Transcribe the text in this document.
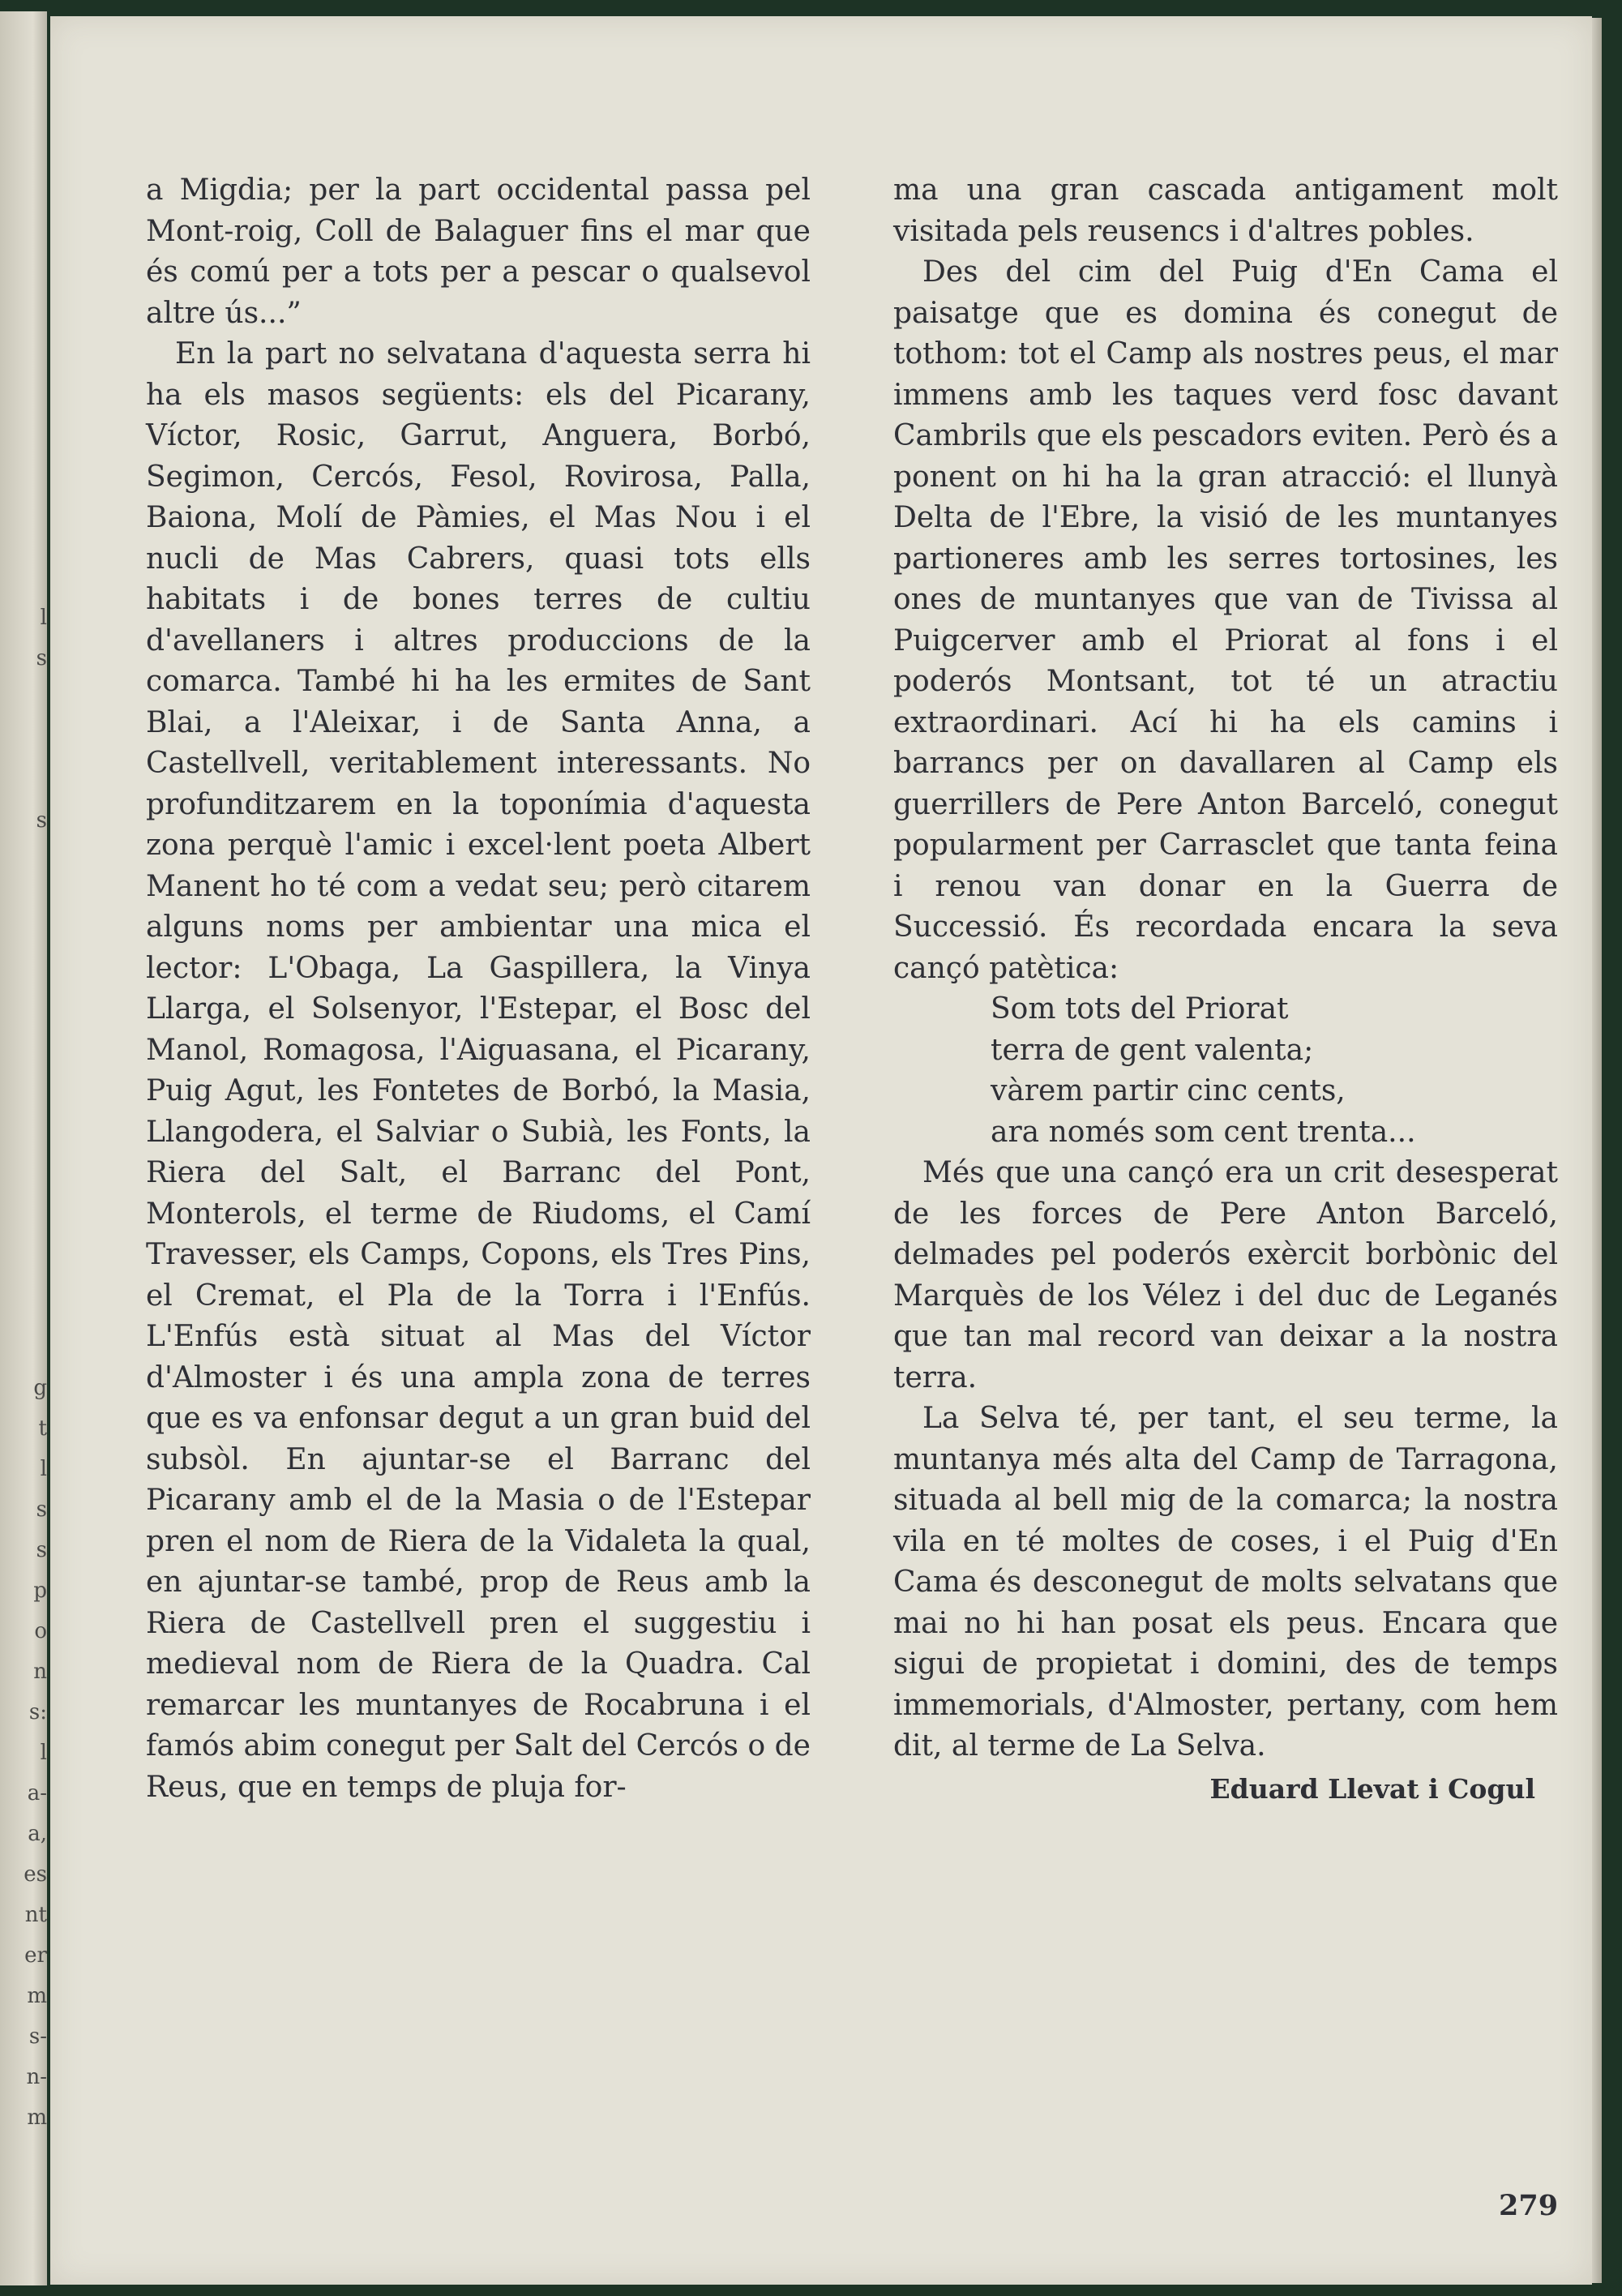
l
s
s
g
t
l
s
s
p
o
n
s:
l
a-
a,
es
nt
er
m
s-
n-
m

a Migdia; per la part occidental passa pel Mont-roig, Coll de Balaguer fins el mar que és comú per a tots per a pescar o qualsevol altre ús...”

En la part no selvatana d'aquesta serra hi ha els masos següents: els del Picarany, Víctor, Rosic, Garrut, Anguera, Borbó, Segimon, Cercós, Fesol, Rovirosa, Palla, Baiona, Molí de Pàmies, el Mas Nou i el nucli de Mas Cabrers, quasi tots ells habitats i de bones terres de cultiu d'avellaners i altres produccions de la comarca. També hi ha les ermites de Sant Blai, a l'Aleixar, i de Santa Anna, a Castellvell, veritablement interessants. No profunditzarem en la toponímia d'aquesta zona perquè l'amic i excel·lent poeta Albert Manent ho té com a vedat seu; però citarem alguns noms per ambientar una mica el lector: L'Obaga, La Gaspillera, la Vinya Llarga, el Solsenyor, l'Estepar, el Bosc del Manol, Romagosa, l'Aiguasana, el Picarany, Puig Agut, les Fontetes de Borbó, la Masia, Llangodera, el Salviar o Subià, les Fonts, la Riera del Salt, el Barranc del Pont, Monterols, el terme de Riudoms, el Camí Travesser, els Camps, Copons, els Tres Pins, el Cremat, el Pla de la Torra i l'Enfús. L'Enfús està situat al Mas del Víctor d'Almoster i és una ampla zona de terres que es va enfonsar degut a un gran buid del subsòl. En ajuntar-se el Barranc del Picarany amb el de la Masia o de l'Estepar pren el nom de Riera de la Vidaleta la qual, en ajuntar-se també, prop de Reus amb la Riera de Castellvell pren el suggestiu i medieval nom de Riera de la Quadra. Cal remarcar les muntanyes de Rocabruna i el famós abim conegut per Salt del Cercós o de Reus, que en temps de pluja for-

ma una gran cascada antigament molt visitada pels reusencs i d'altres pobles.

Des del cim del Puig d'En Cama el paisatge que es domina és conegut de tothom: tot el Camp als nostres peus, el mar immens amb les taques verd fosc davant Cambrils que els pescadors eviten. Però és a ponent on hi ha la gran atracció: el llunyà Delta de l'Ebre, la visió de les muntanyes partioneres amb les serres tortosines, les ones de muntanyes que van de Tivissa al Puigcerver amb el Priorat al fons i el poderós Montsant, tot té un atractiu extraordinari. Ací hi ha els camins i barrancs per on davallaren al Camp els guerrillers de Pere Anton Barceló, conegut popularment per Carrasclet que tanta feina i renou van donar en la Guerra de Successió. És recordada encara la seva cançó patètica:

Som tots del Priorat
terra de gent valenta;
vàrem partir cinc cents,
ara només som cent trenta...

Més que una cançó era un crit desesperat de les forces de Pere Anton Barceló, delmades pel poderós exèrcit borbònic del Marquès de los Vélez i del duc de Leganés que tan mal record van deixar a la nostra terra.

La Selva té, per tant, el seu terme, la muntanya més alta del Camp de Tarragona, situada al bell mig de la comarca; la nostra vila en té moltes de coses, i el Puig d'En Cama és desconegut de molts selvatans que mai no hi han posat els peus. Encara que sigui de propietat i domini, des de temps immemorials, d'Almoster, pertany, com hem dit, al terme de La Selva.

Eduard Llevat i Cogul
279
